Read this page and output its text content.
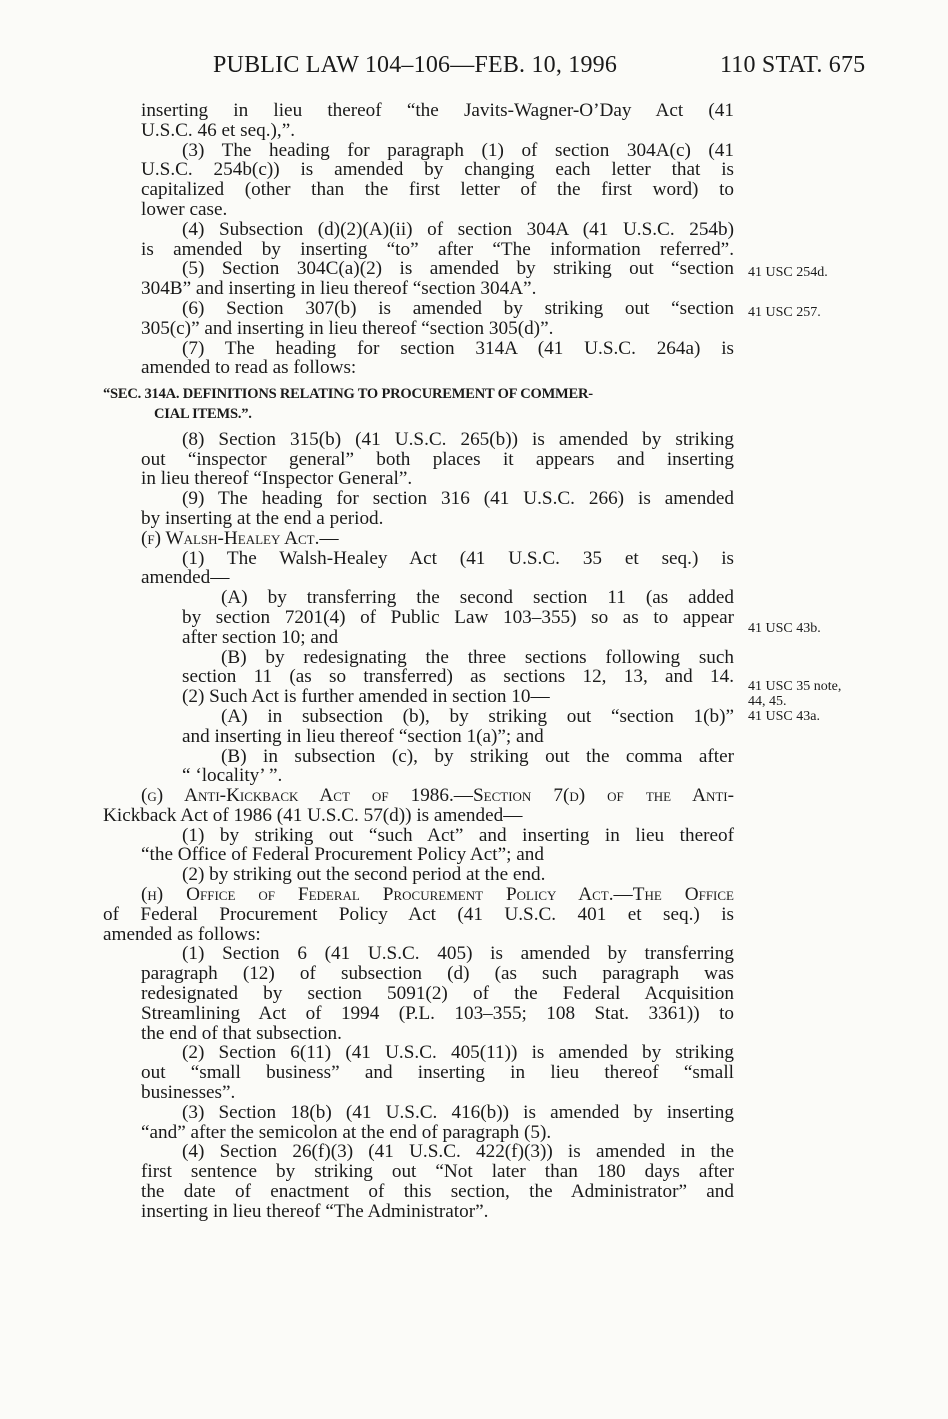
PUBLIC LAW 104–106—FEB. 10, 1996	110 STAT. 675
inserting in lieu thereof “the Javits-Wagner-O’Day Act (41
U.S.C. 46 et seq.),”.
(3) The heading for paragraph (1) of section 304A(c) (41
U.S.C. 254b(c)) is amended by changing each letter that is
capitalized (other than the first letter of the first word) to
lower case.
(4) Subsection (d)(2)(A)(ii) of section 304A (41 U.S.C. 254b)
is amended by inserting “to” after “The information referred”.
(5) Section 304C(a)(2) is amended by striking out “section
304B” and inserting in lieu thereof “section 304A”.
(6) Section 307(b) is amended by striking out “section
305(c)” and inserting in lieu thereof “section 305(d)”.
(7) The heading for section 314A (41 U.S.C. 264a) is
amended to read as follows:
“SEC. 314A. DEFINITIONS RELATING TO PROCUREMENT OF COMMER-
CIAL ITEMS.”.
(8) Section 315(b) (41 U.S.C. 265(b)) is amended by striking
out “inspector general” both places it appears and inserting
in lieu thereof “Inspector General”.
(9) The heading for section 316 (41 U.S.C. 266) is amended
by inserting at the end a period.
(f) Walsh-Healey Act.—
(1) The Walsh-Healey Act (41 U.S.C. 35 et seq.) is
amended—
(A) by transferring the second section 11 (as added
by section 7201(4) of Public Law 103–355) so as to appear
after section 10; and
(B) by redesignating the three sections following such
section 11 (as so transferred) as sections 12, 13, and 14.
(2) Such Act is further amended in section 10—
(A) in subsection (b), by striking out “section 1(b)”
and inserting in lieu thereof “section 1(a)”; and
(B) in subsection (c), by striking out the comma after
“ ‘locality’ ”.
(g) Anti-Kickback Act of 1986.—Section 7(d) of the Anti-
Kickback Act of 1986 (41 U.S.C. 57(d)) is amended—
(1) by striking out “such Act” and inserting in lieu thereof
“the Office of Federal Procurement Policy Act”; and
(2) by striking out the second period at the end.
(h) Office of Federal Procurement Policy Act.—The Office
of Federal Procurement Policy Act (41 U.S.C. 401 et seq.) is
amended as follows:
(1) Section 6 (41 U.S.C. 405) is amended by transferring
paragraph (12) of subsection (d) (as such paragraph was
redesignated by section 5091(2) of the Federal Acquisition
Streamlining Act of 1994 (P.L. 103–355; 108 Stat. 3361)) to
the end of that subsection.
(2) Section 6(11) (41 U.S.C. 405(11)) is amended by striking
out “small business” and inserting in lieu thereof “small
businesses”.
(3) Section 18(b) (41 U.S.C. 416(b)) is amended by inserting
“and” after the semicolon at the end of paragraph (5).
(4) Section 26(f)(3) (41 U.S.C. 422(f)(3)) is amended in the
first sentence by striking out “Not later than 180 days after
the date of enactment of this section, the Administrator” and
inserting in lieu thereof “The Administrator”.
41 USC 254d.
41 USC 257.
41 USC 43b.
41 USC 35 note,
44, 45.
41 USC 43a.
